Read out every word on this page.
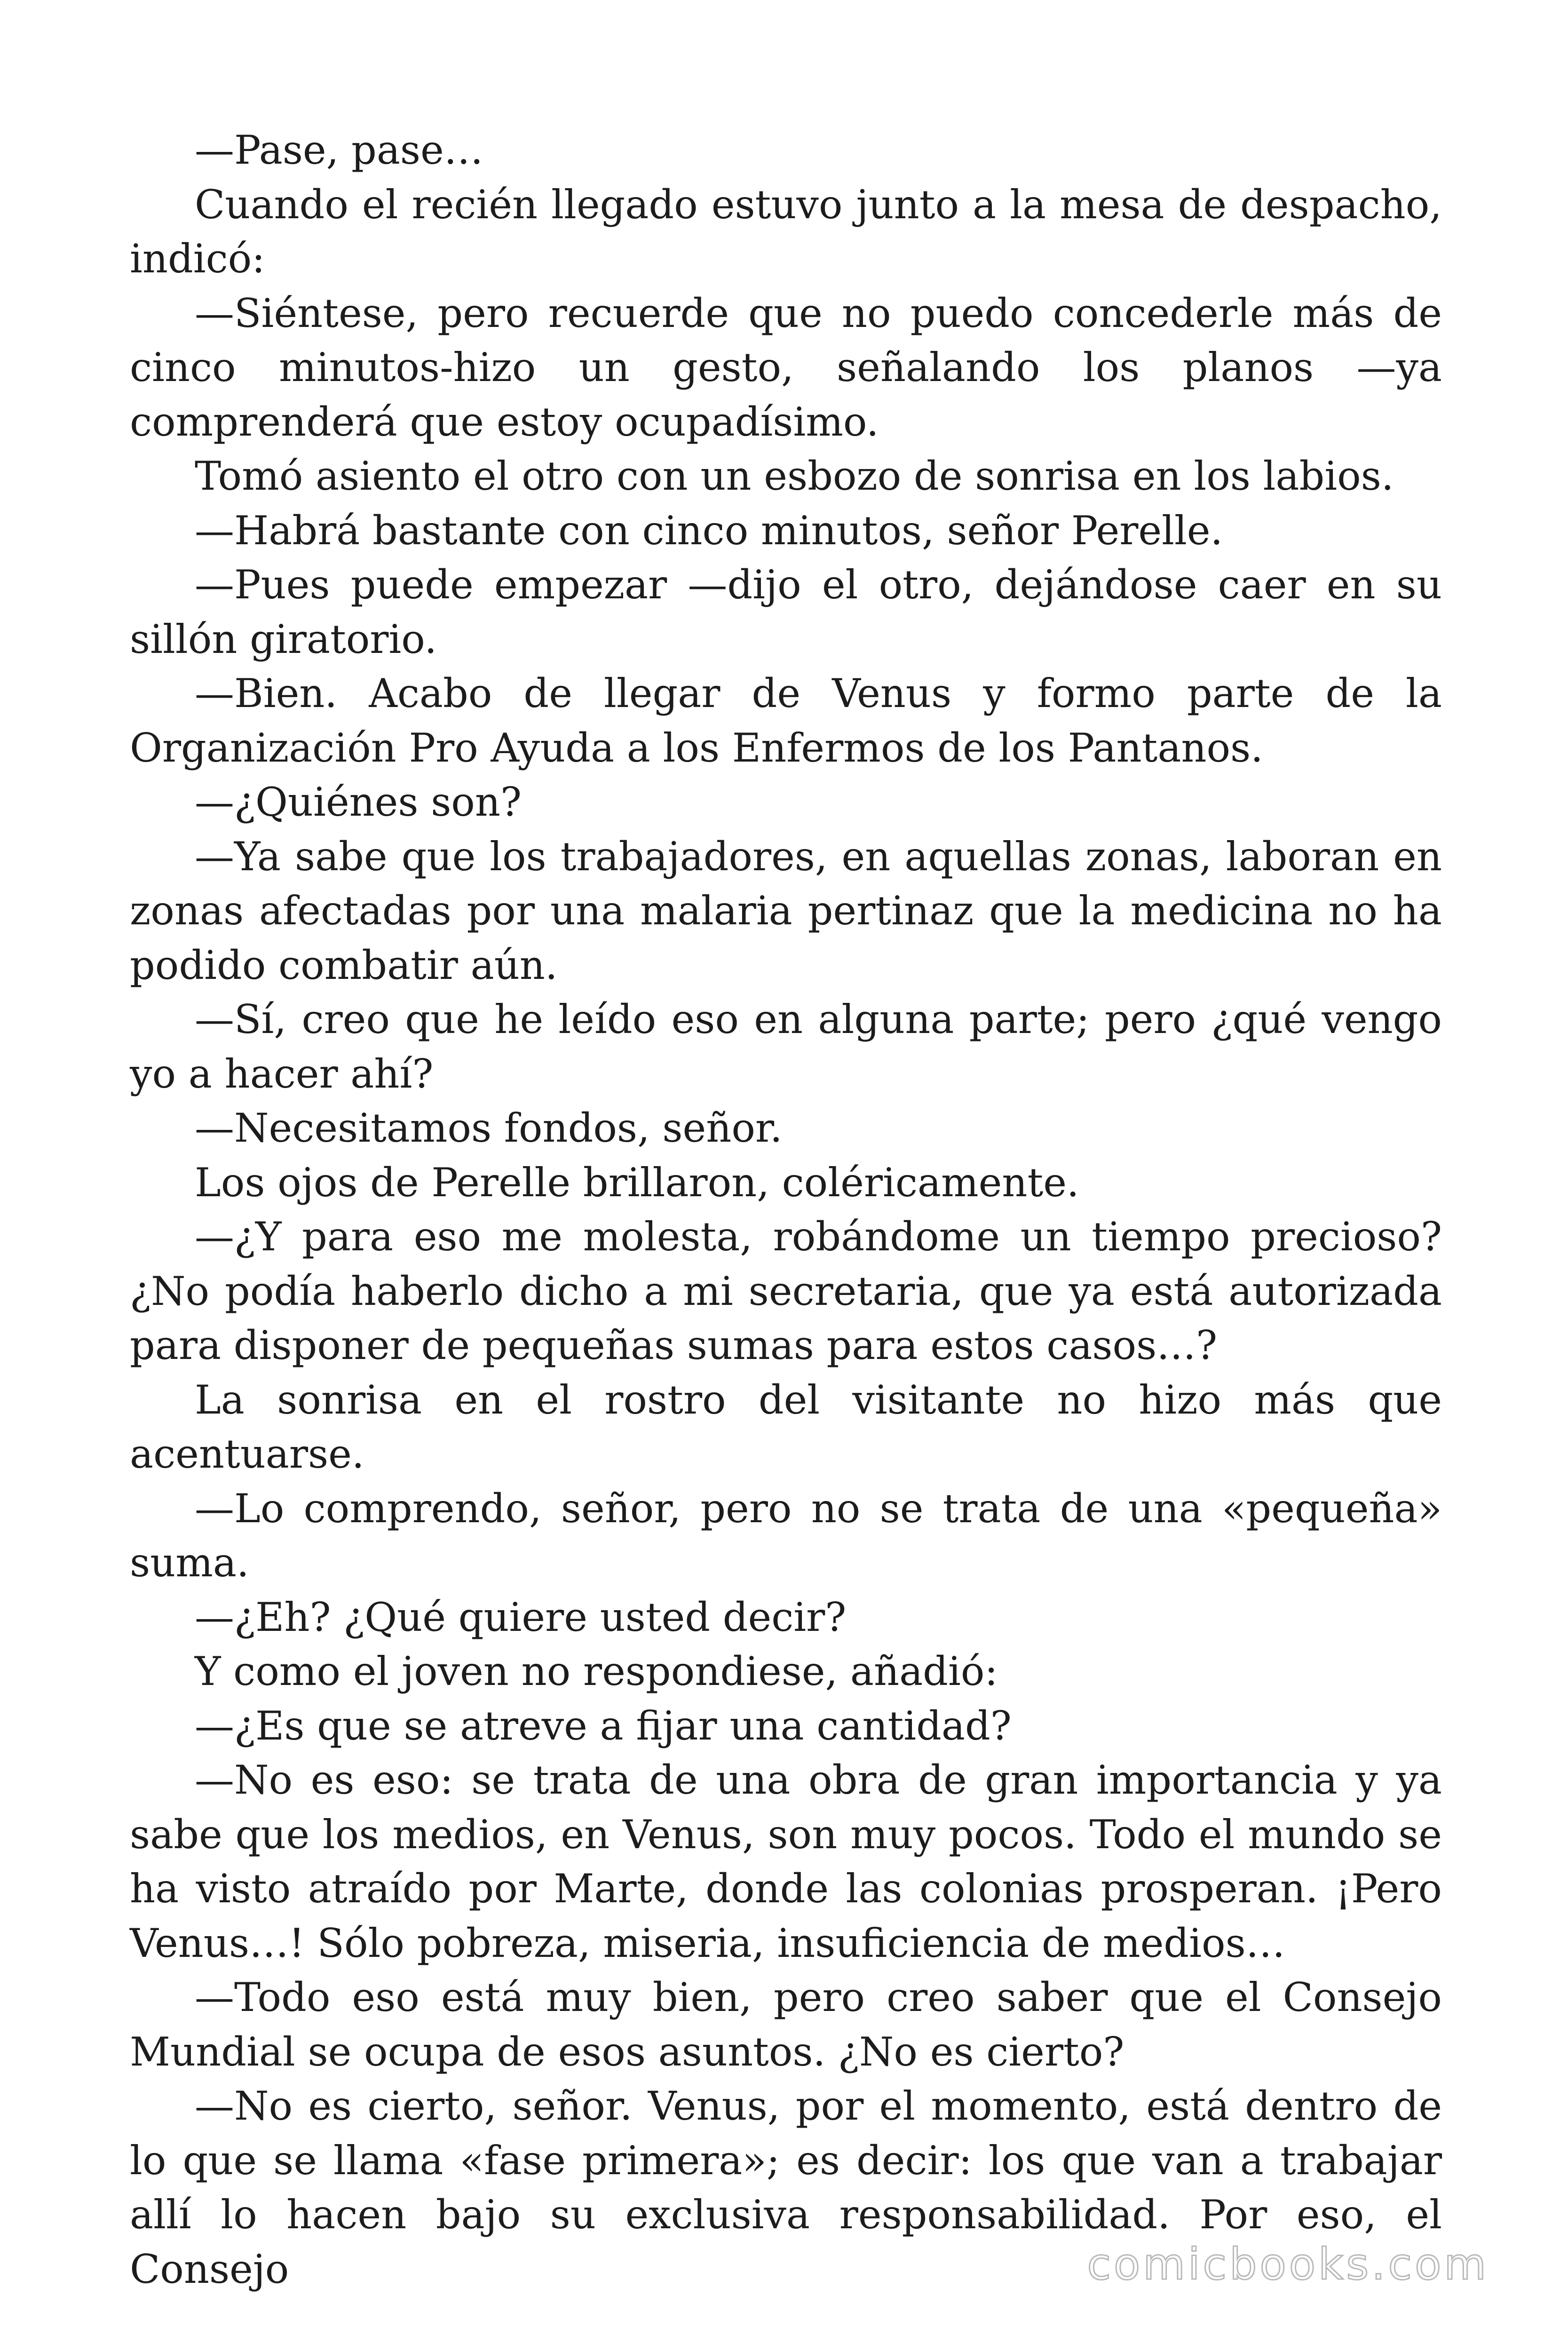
—Pase, pase…

Cuando el recién llegado estuvo junto a la mesa de despacho, indicó:

—Siéntese, pero recuerde que no puedo concederle más de cinco minutos-hizo un gesto, señalando los planos —ya comprenderá que estoy ocupadísimo.

Tomó asiento el otro con un esbozo de sonrisa en los labios.

—Habrá bastante con cinco minutos, señor Perelle.

—Pues puede empezar —dijo el otro, dejándose caer en su sillón giratorio.

—Bien. Acabo de llegar de Venus y formo parte de la Organización Pro Ayuda a los Enfermos de los Pantanos.

—¿Quiénes son?

—Ya sabe que los trabajadores, en aquellas zonas, laboran en zonas afectadas por una malaria pertinaz que la medicina no ha podido combatir aún.

—Sí, creo que he leído eso en alguna parte; pero ¿qué vengo yo a hacer ahí?

—Necesitamos fondos, señor.

Los ojos de Perelle brillaron, coléricamente.

—¿Y para eso me molesta, robándome un tiempo precioso? ¿No podía haberlo dicho a mi secretaria, que ya está autorizada para disponer de pequeñas sumas para estos casos…?

La sonrisa en el rostro del visitante no hizo más que acentuarse.

—Lo comprendo, señor, pero no se trata de una «pequeña» suma.

—¿Eh? ¿Qué quiere usted decir?

Y como el joven no respondiese, añadió:

—¿Es que se atreve a fijar una cantidad?

—No es eso: se trata de una obra de gran importancia y ya sabe que los medios, en Venus, son muy pocos. Todo el mundo se ha visto atraído por Marte, donde las colonias prosperan. ¡Pero Venus…! Sólo pobreza, miseria, insuficiencia de medios…

—Todo eso está muy bien, pero creo saber que el Consejo Mundial se ocupa de esos asuntos. ¿No es cierto?

—No es cierto, señor. Venus, por el momento, está dentro de lo que se llama «fase primera»; es decir: los que van a trabajar allí lo hacen bajo su exclusiva responsabilidad. Por eso, el Consejo	comicbooks.com
